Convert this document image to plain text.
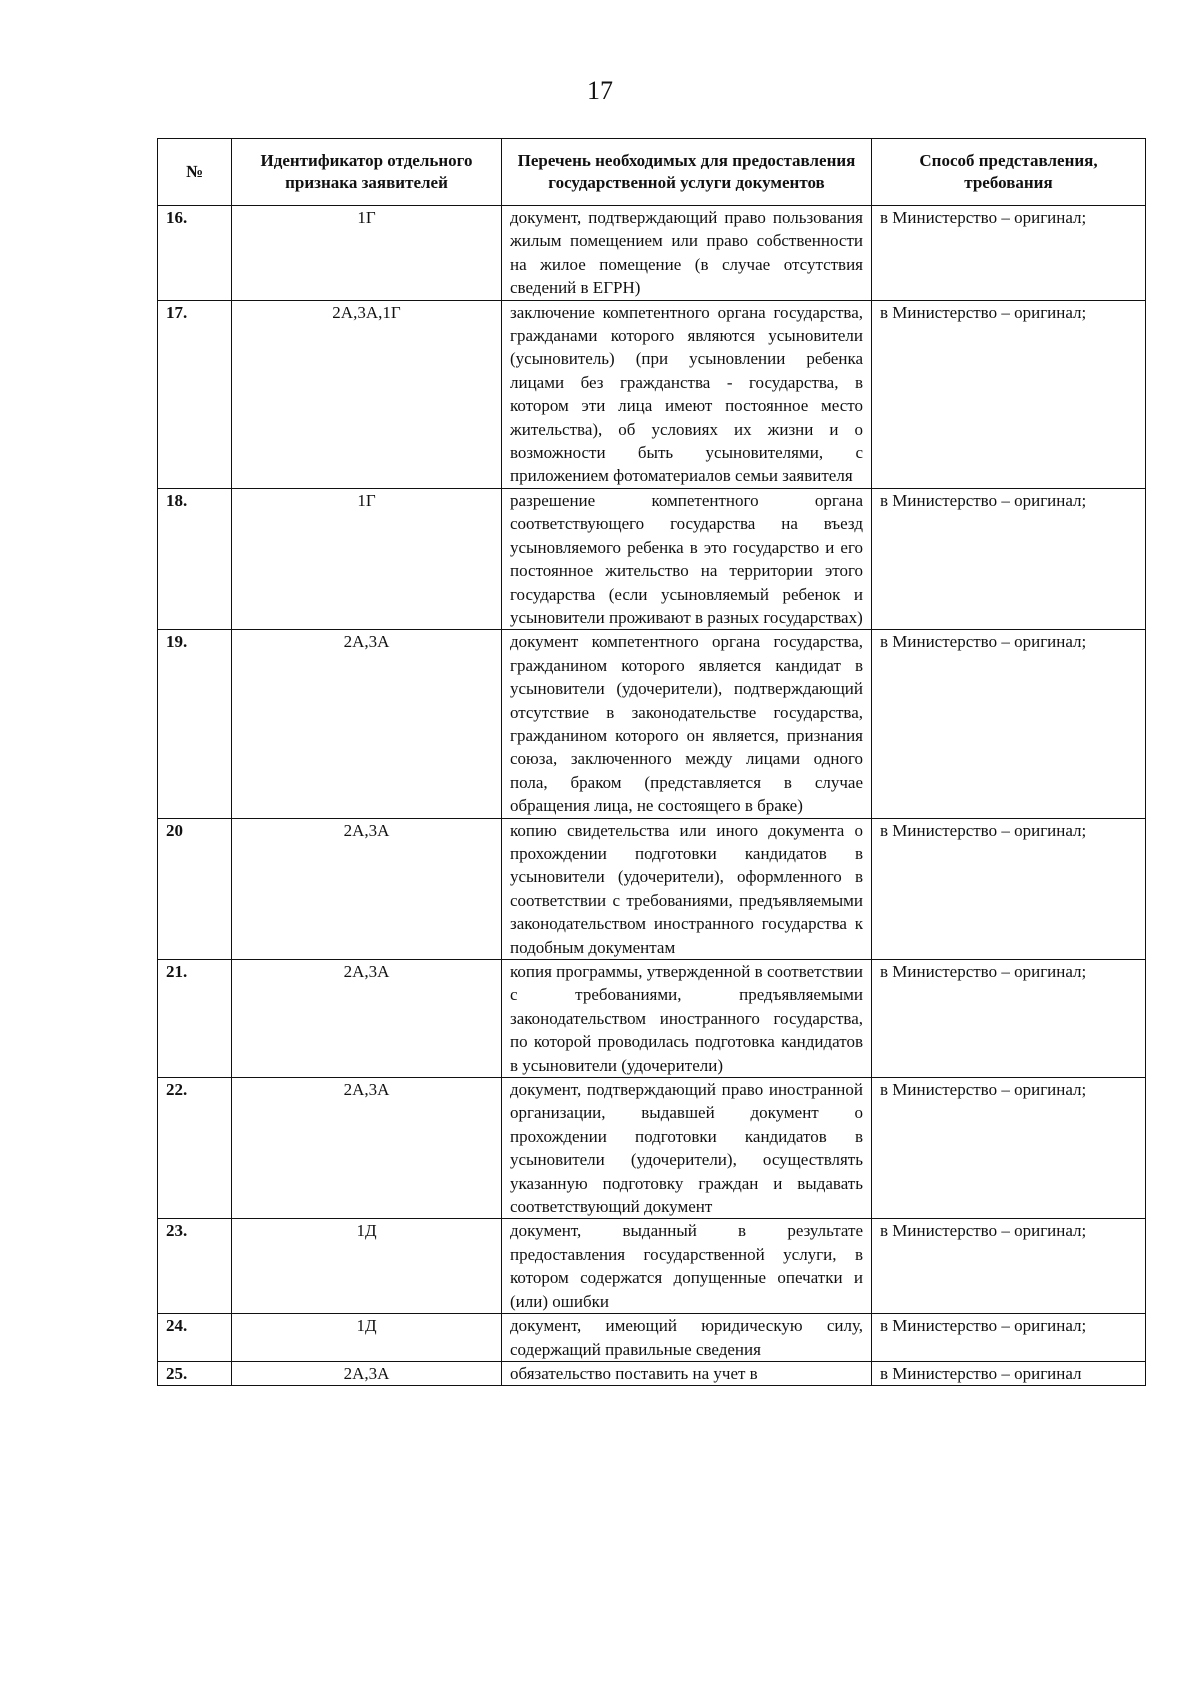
17
№	Идентификатор отдельного признака заявителей	Перечень необходимых для предоставления государственной услуги документов	Способ представления, требования
16.	1Г	документ, подтверждающий право пользования жилым помещением или право собственности на жилое помещение (в случае отсутствия сведений в ЕГРН)	в Министерство – оригинал;
17.	2А,3А,1Г	заключение компетентного органа государства, гражданами которого являются усыновители (усыновитель) (при усыновлении ребенка лицами без гражданства - государства, в котором эти лица имеют постоянное место жительства), об условиях их жизни и о возможности быть усыновителями, с приложением фотоматериалов семьи заявителя	в Министерство – оригинал;
18.	1Г	разрешение компетентного органа соответствующего государства на въезд усыновляемого ребенка в это государство и его постоянное жительство на территории этого государства (если усыновляемый ребенок и усыновители проживают в разных государствах)	в Министерство – оригинал;
19.	2А,3А	документ компетентного органа государства, гражданином которого является кандидат в усыновители (удочерители), подтверждающий отсутствие в законодательстве государства, гражданином которого он является, признания союза, заключенного между лицами одного пола, браком (представляется в случае обращения лица, не состоящего в браке)	в Министерство – оригинал;
20	2А,3А	копию свидетельства или иного документа о прохождении подготовки кандидатов в усыновители (удочерители), оформленного в соответствии с требованиями, предъявляемыми законодательством иностранного государства к подобным документам	в Министерство – оригинал;
21.	2А,3А	копия программы, утвержденной в соответствии с требованиями, предъявляемыми законодательством иностранного государства, по которой проводилась подготовка кандидатов в усыновители (удочерители)	в Министерство – оригинал;
22.	2А,3А	документ, подтверждающий право иностранной организации, выдавшей документ о прохождении подготовки кандидатов в усыновители (удочерители), осуществлять указанную подготовку граждан и выдавать соответствующий документ	в Министерство – оригинал;
23.	1Д	документ, выданный в результате предоставления государственной услуги, в котором содержатся допущенные опечатки и (или) ошибки	в Министерство – оригинал;
24.	1Д	документ, имеющий юридическую силу, содержащий правильные сведения	в Министерство – оригинал;
25.	2А,3А	обязательство поставить на учет в	в Министерство – оригинал
